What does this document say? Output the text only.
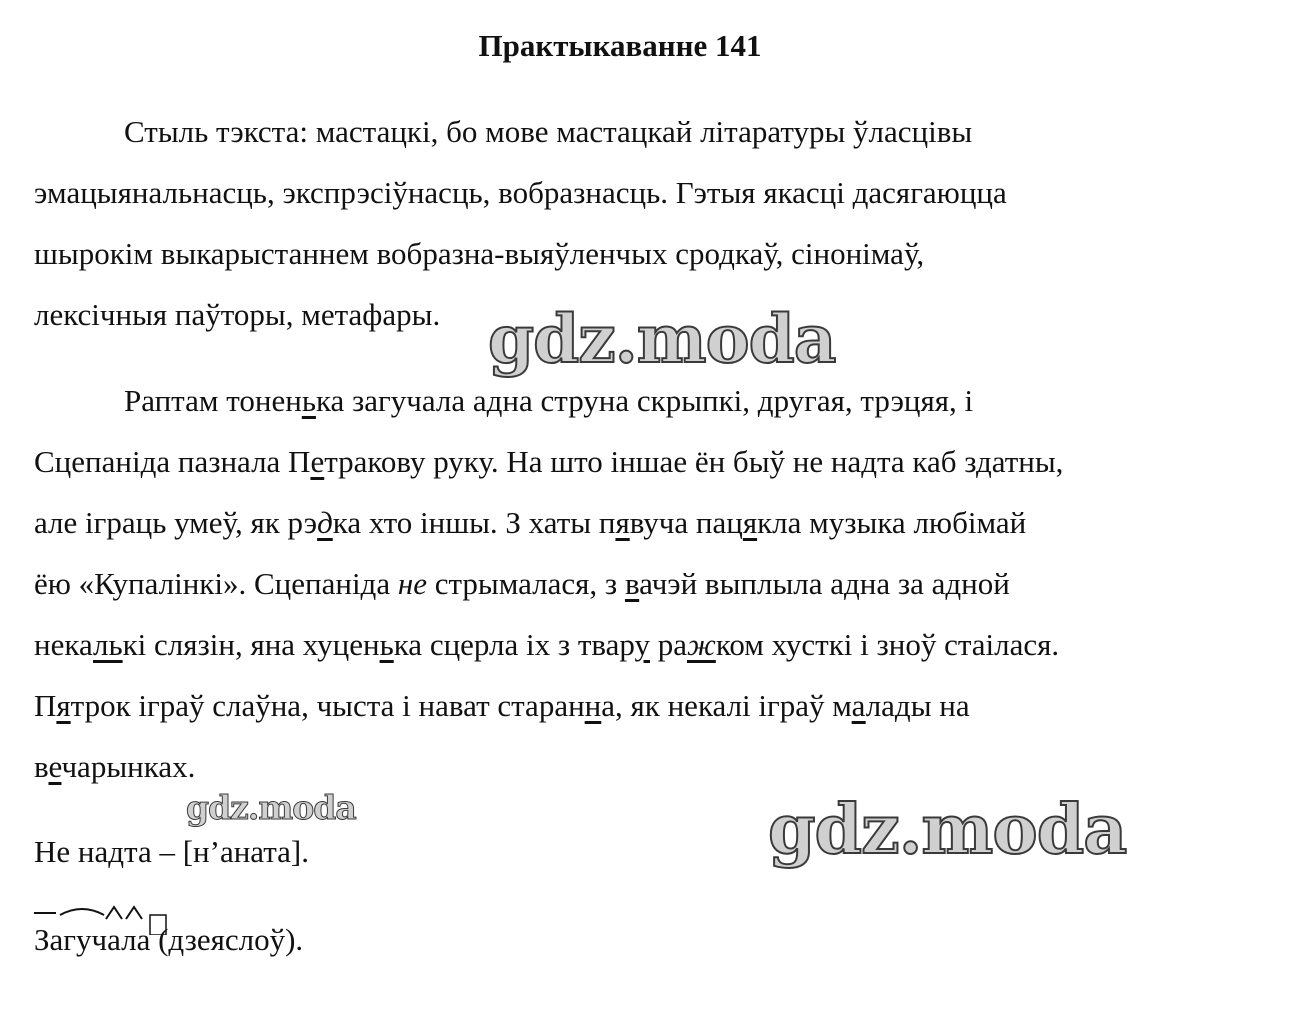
Практыкаванне 141
Стыль тэкста: мастацкі, бо мове мастацкай літаратуры ўласцівы
эмацыянальнасць, экспрэсіўнасць, вобразнасць. Гэтыя якасці дасягаюцца
шырокім выкарыстаннем вобразна-выяўленчых сродкаў, сінонімаў,
лексічныя паўторы, метафары.
Раптам тоненька загучала адна струна скрыпкі, другая, трэцяя, і
Сцепаніда пазнала Петракову руку. На што іншае ён быў не надта каб здатны,
але іграць умеў, як рэдка хто іншы. З хаты пявуча пацякла музыка любімай
ёю «Купалінкі». Сцепаніда не стрымалася, з вачэй выплыла адна за адной
некалькі слязін, яна хуценька сцерла іх з твару ражком хусткі і зноў стаілася.
Пятрок іграў слаўна, чыста і нават старанна, як некалі іграў малады на
вечарынках.
Не надта – [н’аната].
Загучала (дзеяслоў).
gdz.moda
gdz.moda	gdz.moda
